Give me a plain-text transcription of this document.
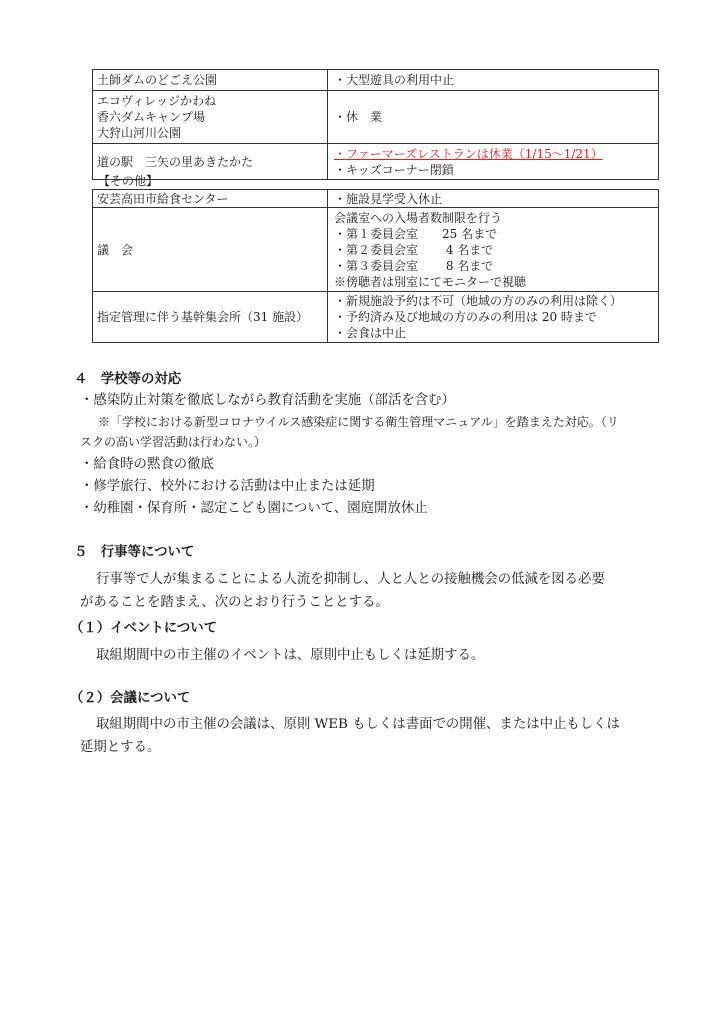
土師ダムのどごえ公園	・大型遊具の利用中止

エコヴィレッジかわね
香六ダムキャンプ場
大狩山河川公園	・休　業
道の駅　三矢の里あきたかた	・ファーマーズレストランは休業（1/15〜1/21）
・キッズコーナー閉鎖
【その他】
安芸高田市給食センター	・施設見学受入休止
議　会	会議室への入場者数制限を行う
・第１委員会室　　25 名まで
・第２委員会室　　 4 名まで
・第３委員会室　　 8 名まで
※傍聴者は別室にてモニターで視聴

指定管理に伴う基幹集会所（31 施設）	・新規施設予約は不可（地域の方のみの利用は除く）
・予約済み及び地域の方のみの利用は 20 時まで
・会食は中止
４　学校等の対応
・感染防止対策を徹底しながら教育活動を実施（部活を含む）
※「学校における新型コロナウイルス感染症に関する衛生管理マニュアル」を踏まえた対応。（リ
スクの高い学習活動は行わない。）
・給食時の黙食の徹底
・修学旅行、校外における活動は中止または延期
・幼稚園・保育所・認定こども園について、園庭開放休止
５　行事等について
行事等で人が集まることによる人流を抑制し、人と人との接触機会の低減を図る必要
があることを踏まえ、次のとおり行うこととする。
（１）イベントについて
取組期間中の市主催のイベントは、原則中止もしくは延期する。
（２）会議について
取組期間中の市主催の会議は、原則 WEB もしくは書面での開催、または中止もしくは
延期とする。
